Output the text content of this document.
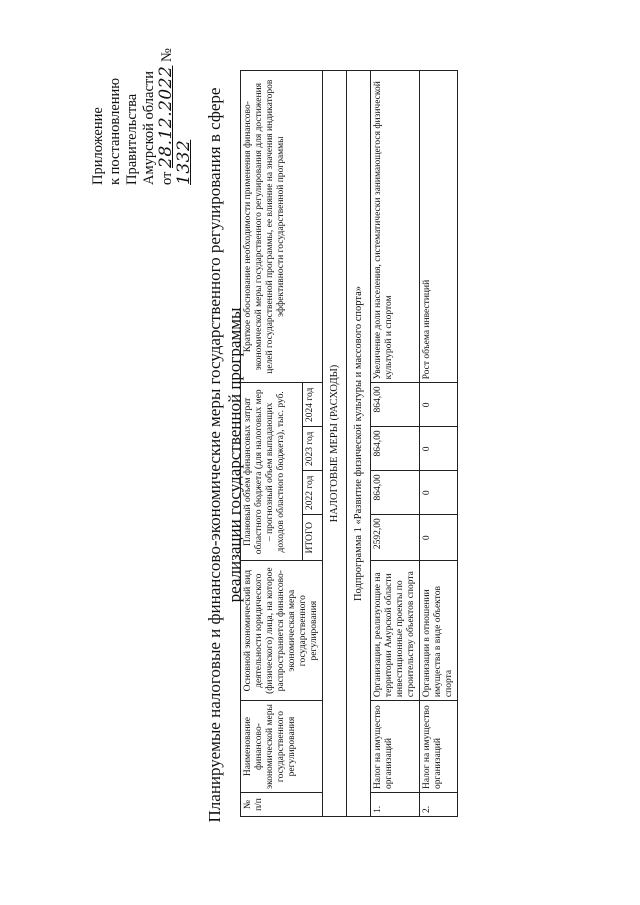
Приложение к постановлению Правительства Амурской области от 28.12.2022 № 1332 Планируемые налоговые и финансово-экономические меры государственного регулирования в сфере реализации государственной программы
№ п/п	Наименование финансово-экономической меры государственного регулирования	Основной экономический вид деятельности юридического (физического) лица, на которое распространяется финансово-экономическая мера государственного регулирования	Плановый объем финансовых затрат областного бюджета (для налоговых мер – прогнозный объем выпадающих доходов областного бюджета), тыс. руб.				Краткое обоснование необходимости применения финансово-экономической меры государственного регулирования для достижения целей государственной программы, ее влияние на значения индикаторов эффективности государственной программы
			ИТОГО	2022 год	2023 год	2024 год	
НАЛОГОВЫЕ МЕРЫ (РАСХОДЫ)							
Подпрограмма 1 «Развитие физической культуры и массового спорта»							
1.	Налог на имущество организаций	Организации, реализующие на территории Амурской области инвестиционные проекты по строительству объектов спорта	2592,00	864,00	864,00	864,00	Увеличение доли населения, систематически занимающегося физической культурой и спортом
2.	Налог на имущество организаций	Организации в отношении имущества в виде объектов спорта	0	0	0	0	Рост объема инвестиций
